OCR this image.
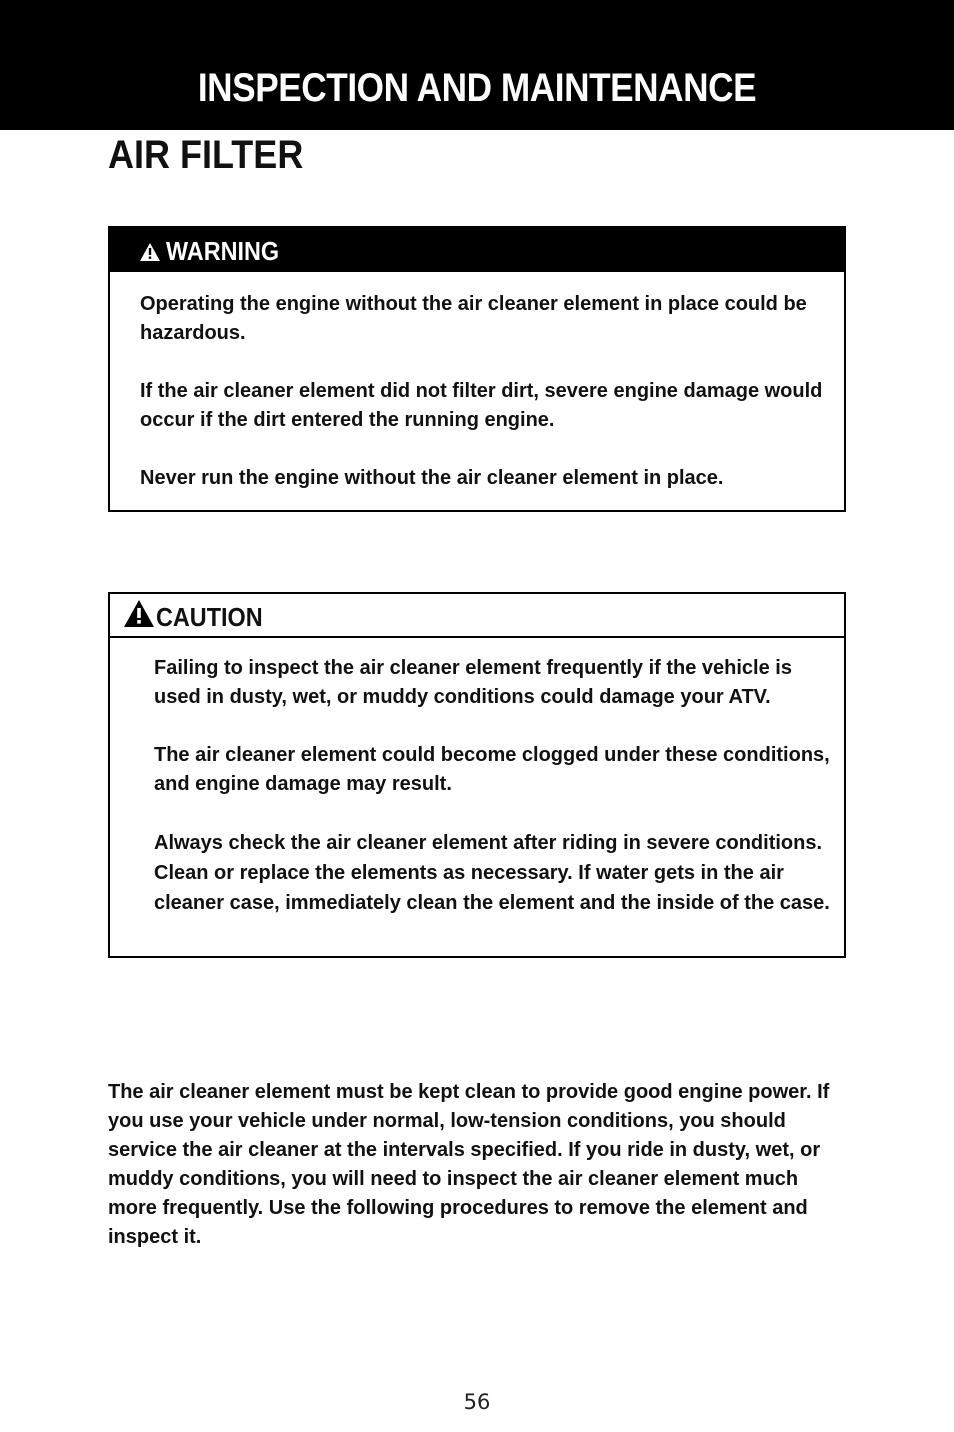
INSPECTION AND MAINTENANCE
AIR FILTER
WARNING

Operating the engine without the air cleaner element in place could be hazardous.

If the air cleaner element did not filter dirt, severe engine damage would occur if the dirt entered the running engine.

Never run the engine without the air cleaner element in place.

CAUTION

Failing to inspect the air cleaner element frequently if the vehicle is used in dusty, wet, or muddy conditions could damage your ATV.

The air cleaner element could become clogged under these conditions, and engine damage may result.

Always check the air cleaner element after riding in severe conditions. Clean or replace the elements as necessary. If water gets in the air cleaner case, immediately clean the element and the inside of the case.

The air cleaner element must be kept clean to provide good engine power. If you use your vehicle under normal, low-tension conditions, you should service the air cleaner at the intervals specified. If you ride in dusty, wet, or muddy conditions, you will need to inspect the air cleaner element much more frequently. Use the following procedures to remove the element and inspect it.

56
